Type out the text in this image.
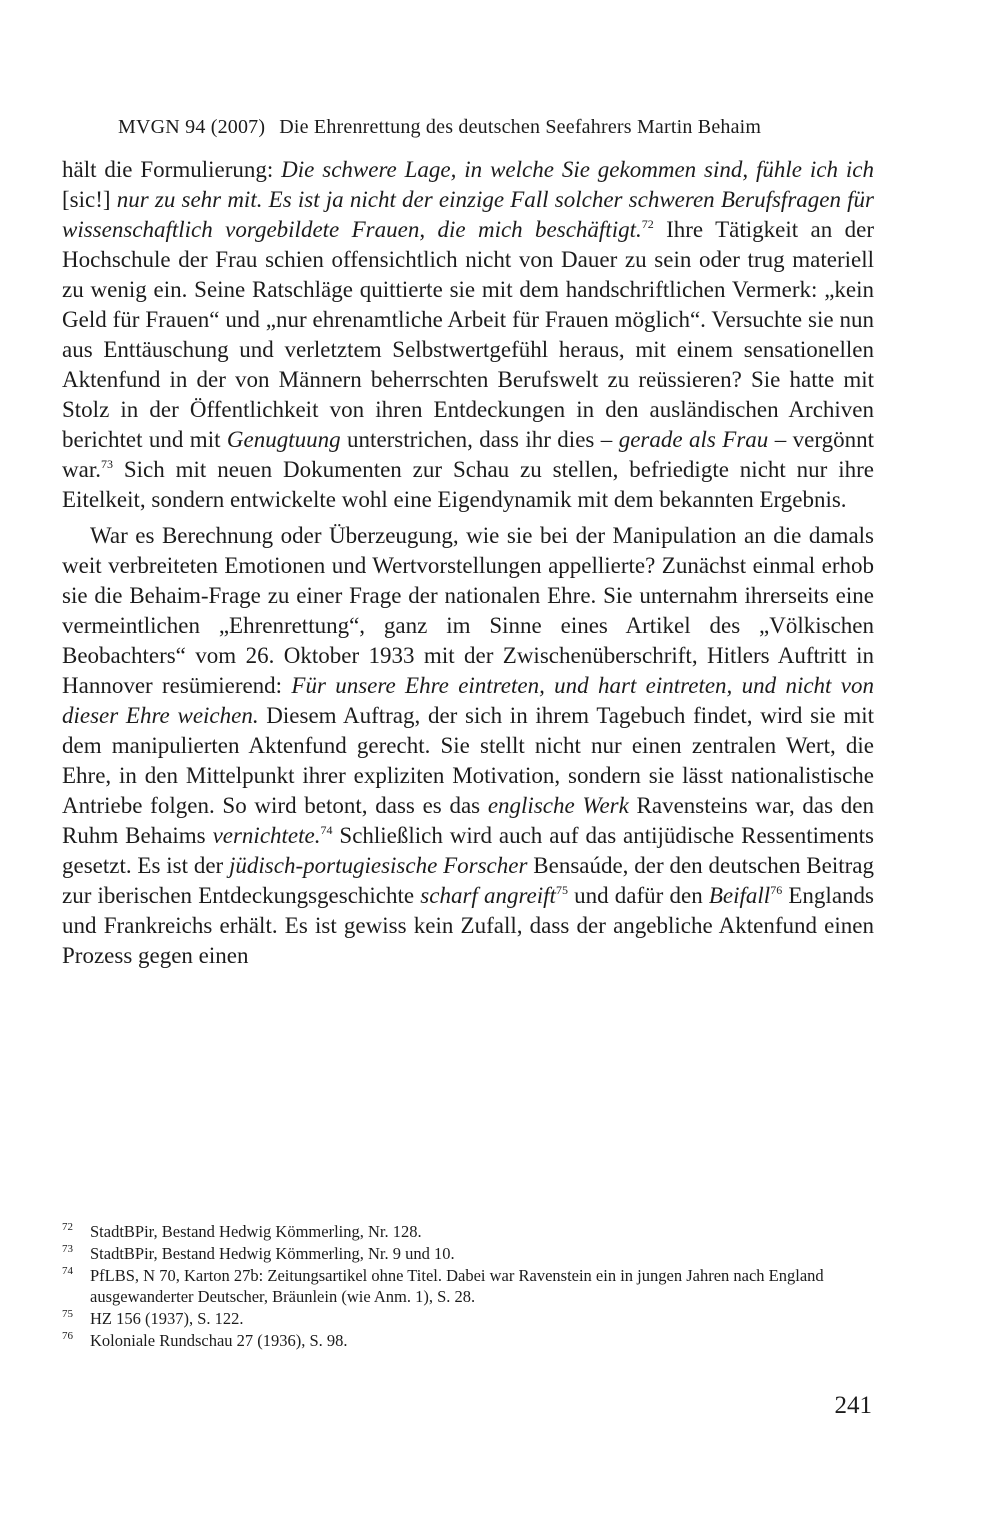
MVGN 94 (2007) Die Ehrenrettung des deutschen Seefahrers Martin Behaim

hält die Formulierung: Die schwere Lage, in welche Sie gekommen sind, fühle ich ich [sic!] nur zu sehr mit. Es ist ja nicht der einzige Fall solcher schweren Berufsfragen für wissenschaftlich vorgebildete Frauen, die mich beschäftigt.$^{72}$ Ihre Tätigkeit an der Hochschule der Frau schien offensichtlich nicht von Dauer zu sein oder trug materiell zu wenig ein. Seine Ratschläge quittierte sie mit dem handschriftlichen Vermerk: „kein Geld für Frauen“ und „nur ehrenamtliche Arbeit für Frauen möglich“. Versuchte sie nun aus Enttäuschung und verletztem Selbstwertgefühl heraus, mit einem sensationellen Aktenfund in der von Männern beherrschten Berufswelt zu reüssieren? Sie hatte mit Stolz in der Öffentlichkeit von ihren Entdeckungen in den ausländischen Archiven berichtet und mit Genugtuung unterstrichen, dass ihr dies – gerade als Frau – vergönnt war.$^{73}$ Sich mit neuen Dokumenten zur Schau zu stellen, befriedigte nicht nur ihre Eitelkeit, sondern entwickelte wohl eine Eigendynamik mit dem bekannten Ergebnis.

War es Berechnung oder Überzeugung, wie sie bei der Manipulation an die damals weit verbreiteten Emotionen und Wertvorstellungen appellierte? Zunächst einmal erhob sie die Behaim-Frage zu einer Frage der nationalen Ehre. Sie unternahm ihrerseits eine vermeintlichen „Ehrenrettung“, ganz im Sinne eines Artikel des „Völkischen Beobachters“ vom 26. Oktober 1933 mit der Zwischenüberschrift, Hitlers Auftritt in Hannover resümierend: Für unsere Ehre eintreten, und hart eintreten, und nicht von dieser Ehre weichen. Diesem Auftrag, der sich in ihrem Tagebuch findet, wird sie mit dem manipulierten Aktenfund gerecht. Sie stellt nicht nur einen zentralen Wert, die Ehre, in den Mittelpunkt ihrer expliziten Motivation, sondern sie lässt nationalistische Antriebe folgen. So wird betont, dass es das englische Werk Ravensteins war, das den Ruhm Behaims vernichtete.$^{74}$ Schließlich wird auch auf das antijüdische Ressentiments gesetzt. Es ist der jüdisch-portugiesische Forscher Bensaúde, der den deutschen Beitrag zur iberischen Entdeckungsgeschichte scharf angreift$^{75}$ und dafür den Beifall$^{76}$ Englands und Frankreichs erhält. Es ist gewiss kein Zufall, dass der angebliche Aktenfund einen Prozess gegen einen

72	StadtBPir, Bestand Hedwig Kömmerling, Nr. 128.
73	StadtBPir, Bestand Hedwig Kömmerling, Nr. 9 und 10.
74	PfLBS, N 70, Karton 27b: Zeitungsartikel ohne Titel. Dabei war Ravenstein ein in jungen Jahren nach England ausgewanderter Deutscher, Bräunlein (wie Anm. 1), S. 28.
75	HZ 156 (1937), S. 122.
76	Koloniale Rundschau 27 (1936), S. 98.
241
